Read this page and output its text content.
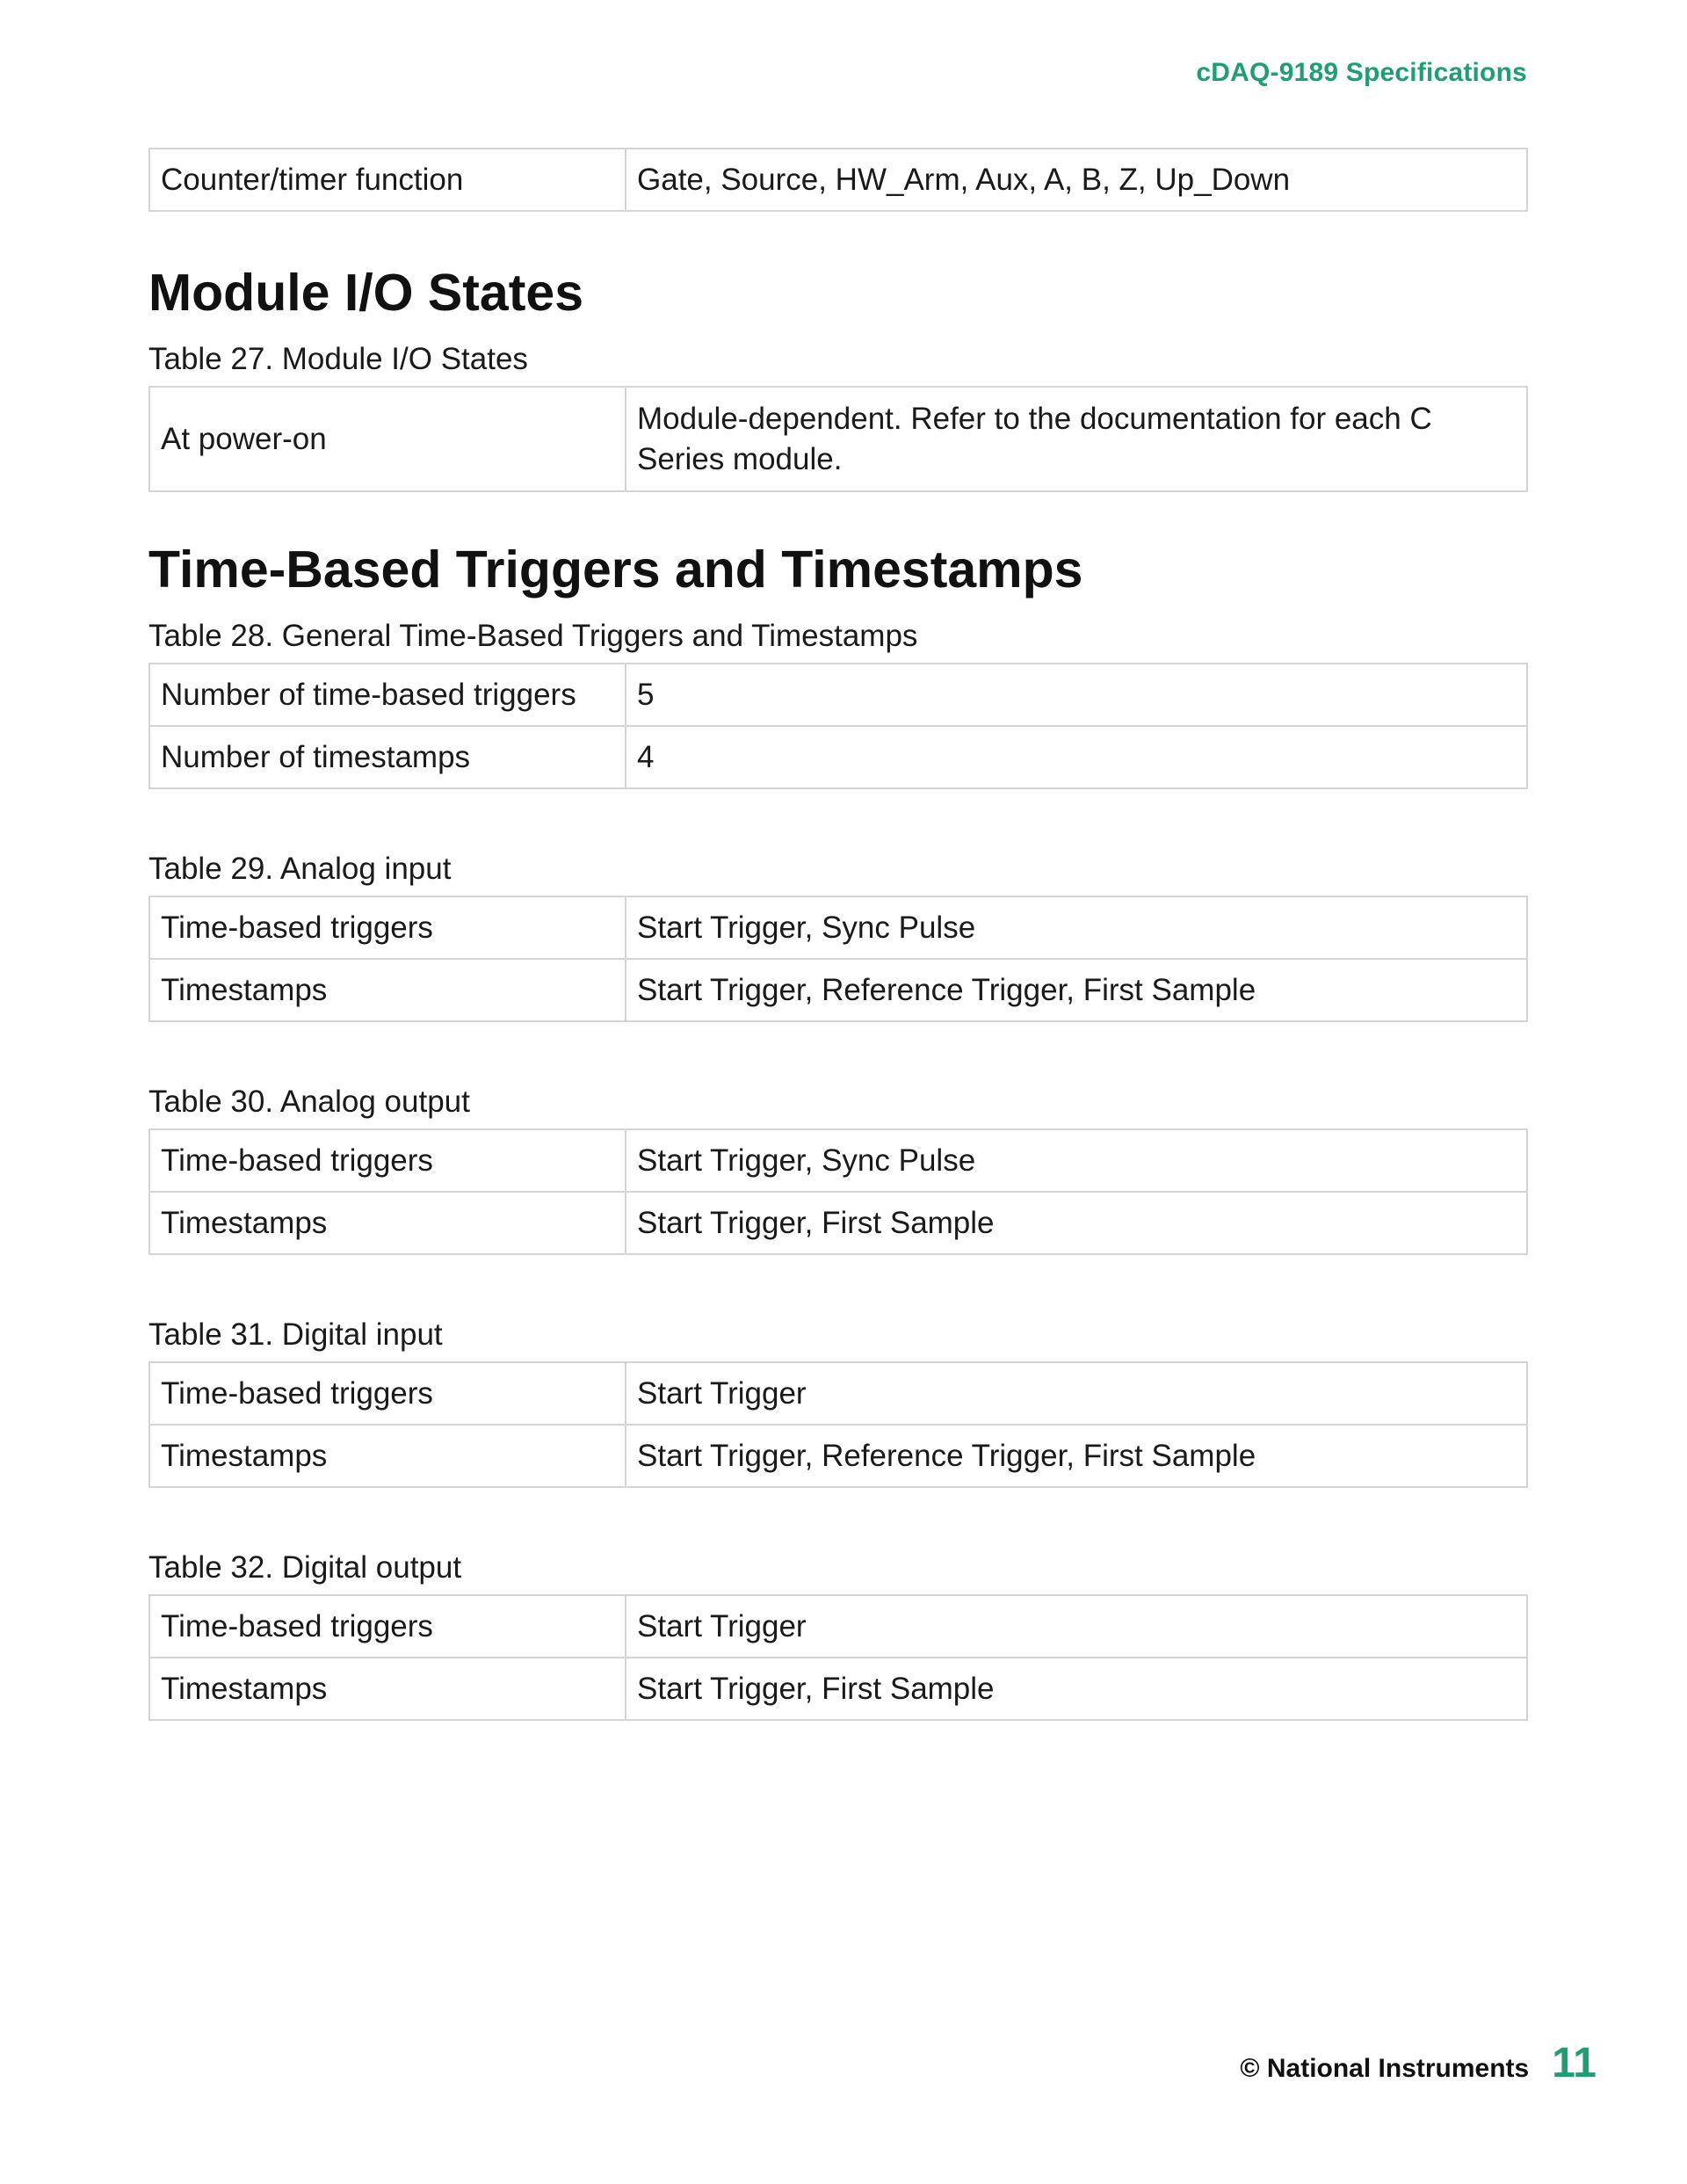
cDAQ-9189 Specifications
Counter/timer function	Gate, Source, HW_Arm, Aux, A, B, Z, Up_Down
Module I/O States

Table 27. Module I/O States

At power-on	Module-dependent. Refer to the documentation for each C Series module.
Time-Based Triggers and Timestamps

Table 28. General Time-Based Triggers and Timestamps

Number of time-based triggers	5
Number of timestamps	4

Table 29. Analog input

Time-based triggers	Start Trigger, Sync Pulse
Timestamps	Start Trigger, Reference Trigger, First Sample

Table 30. Analog output

Time-based triggers	Start Trigger, Sync Pulse
Timestamps	Start Trigger, First Sample

Table 31. Digital input

Time-based triggers	Start Trigger
Timestamps	Start Trigger, Reference Trigger, First Sample

Table 32. Digital output

Time-based triggers	Start Trigger
Timestamps	Start Trigger, First Sample
© National Instruments 11
